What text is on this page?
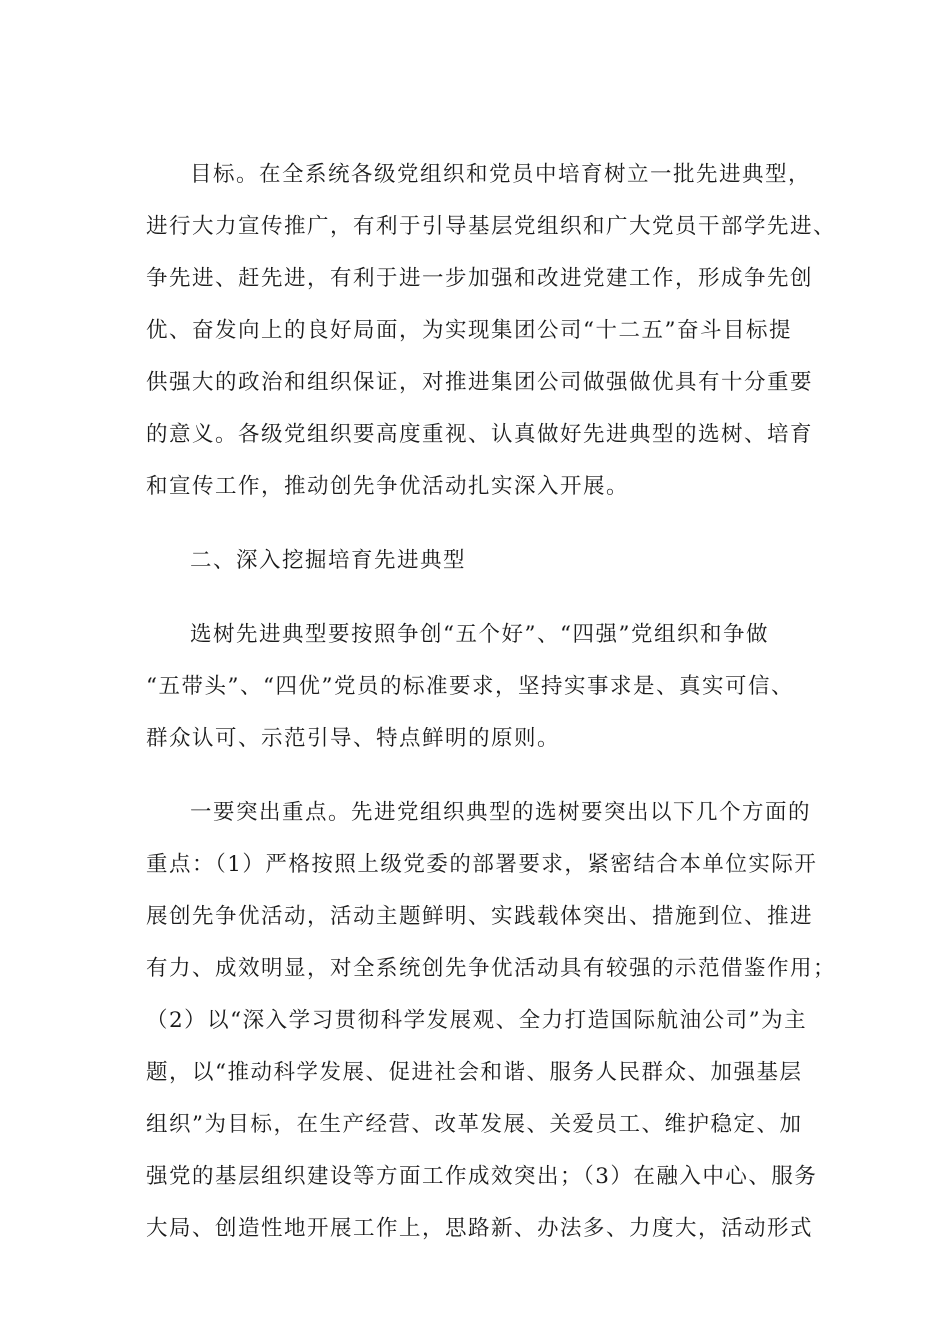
目标。在全系统各级党组织和党员中培育树立一批先进典型，
进行大力宣传推广，有利于引导基层党组织和广大党员干部学先进、
争先进、赶先进，有利于进一步加强和改进党建工作，形成争先创
优、奋发向上的良好局面，为实现集团公司“十二五”奋斗目标提
供强大的政治和组织保证，对推进集团公司做强做优具有十分重要
的意义。各级党组织要高度重视、认真做好先进典型的选树、培育
和宣传工作，推动创先争优活动扎实深入开展。
二、深入挖掘培育先进典型
选树先进典型要按照争创“五个好”、“四强”党组织和争做
“五带头”、“四优”党员的标准要求，坚持实事求是、真实可信、
群众认可、示范引导、特点鲜明的原则。
一要突出重点。先进党组织典型的选树要突出以下几个方面的
重点：（1）严格按照上级党委的部署要求，紧密结合本单位实际开
展创先争优活动，活动主题鲜明、实践载体突出、措施到位、推进
有力、成效明显，对全系统创先争优活动具有较强的示范借鉴作用；
（2）以“深入学习贯彻科学发展观、全力打造国际航油公司”为主
题，以“推动科学发展、促进社会和谐、服务人民群众、加强基层
组织”为目标，在生产经营、改革发展、关爱员工、维护稳定、加
强党的基层组织建设等方面工作成效突出；（3）在融入中心、服务
大局、创造性地开展工作上，思路新、办法多、力度大，活动形式
